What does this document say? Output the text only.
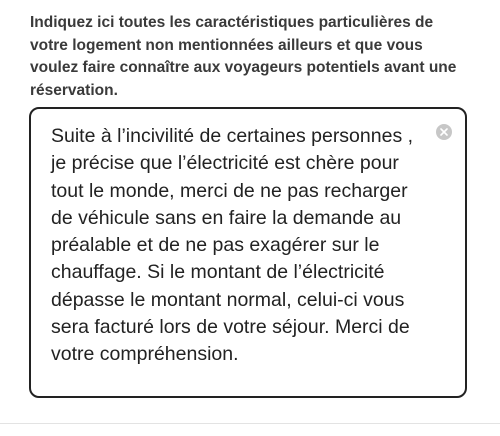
Indiquez ici toutes les caractéristiques particulières de votre logement non mentionnées ailleurs et que vous voulez faire connaître aux voyageurs potentiels avant une réservation.

Suite à l’incivilité de certaines personnes , je précise que l’électricité est chère pour tout le monde, merci de ne pas recharger de véhicule sans en faire la demande au préalable et de ne pas exagérer sur le chauffage. Si le montant de l’électricité dépasse le montant normal, celui-ci vous sera facturé lors de votre séjour. Merci de votre compréhension.
